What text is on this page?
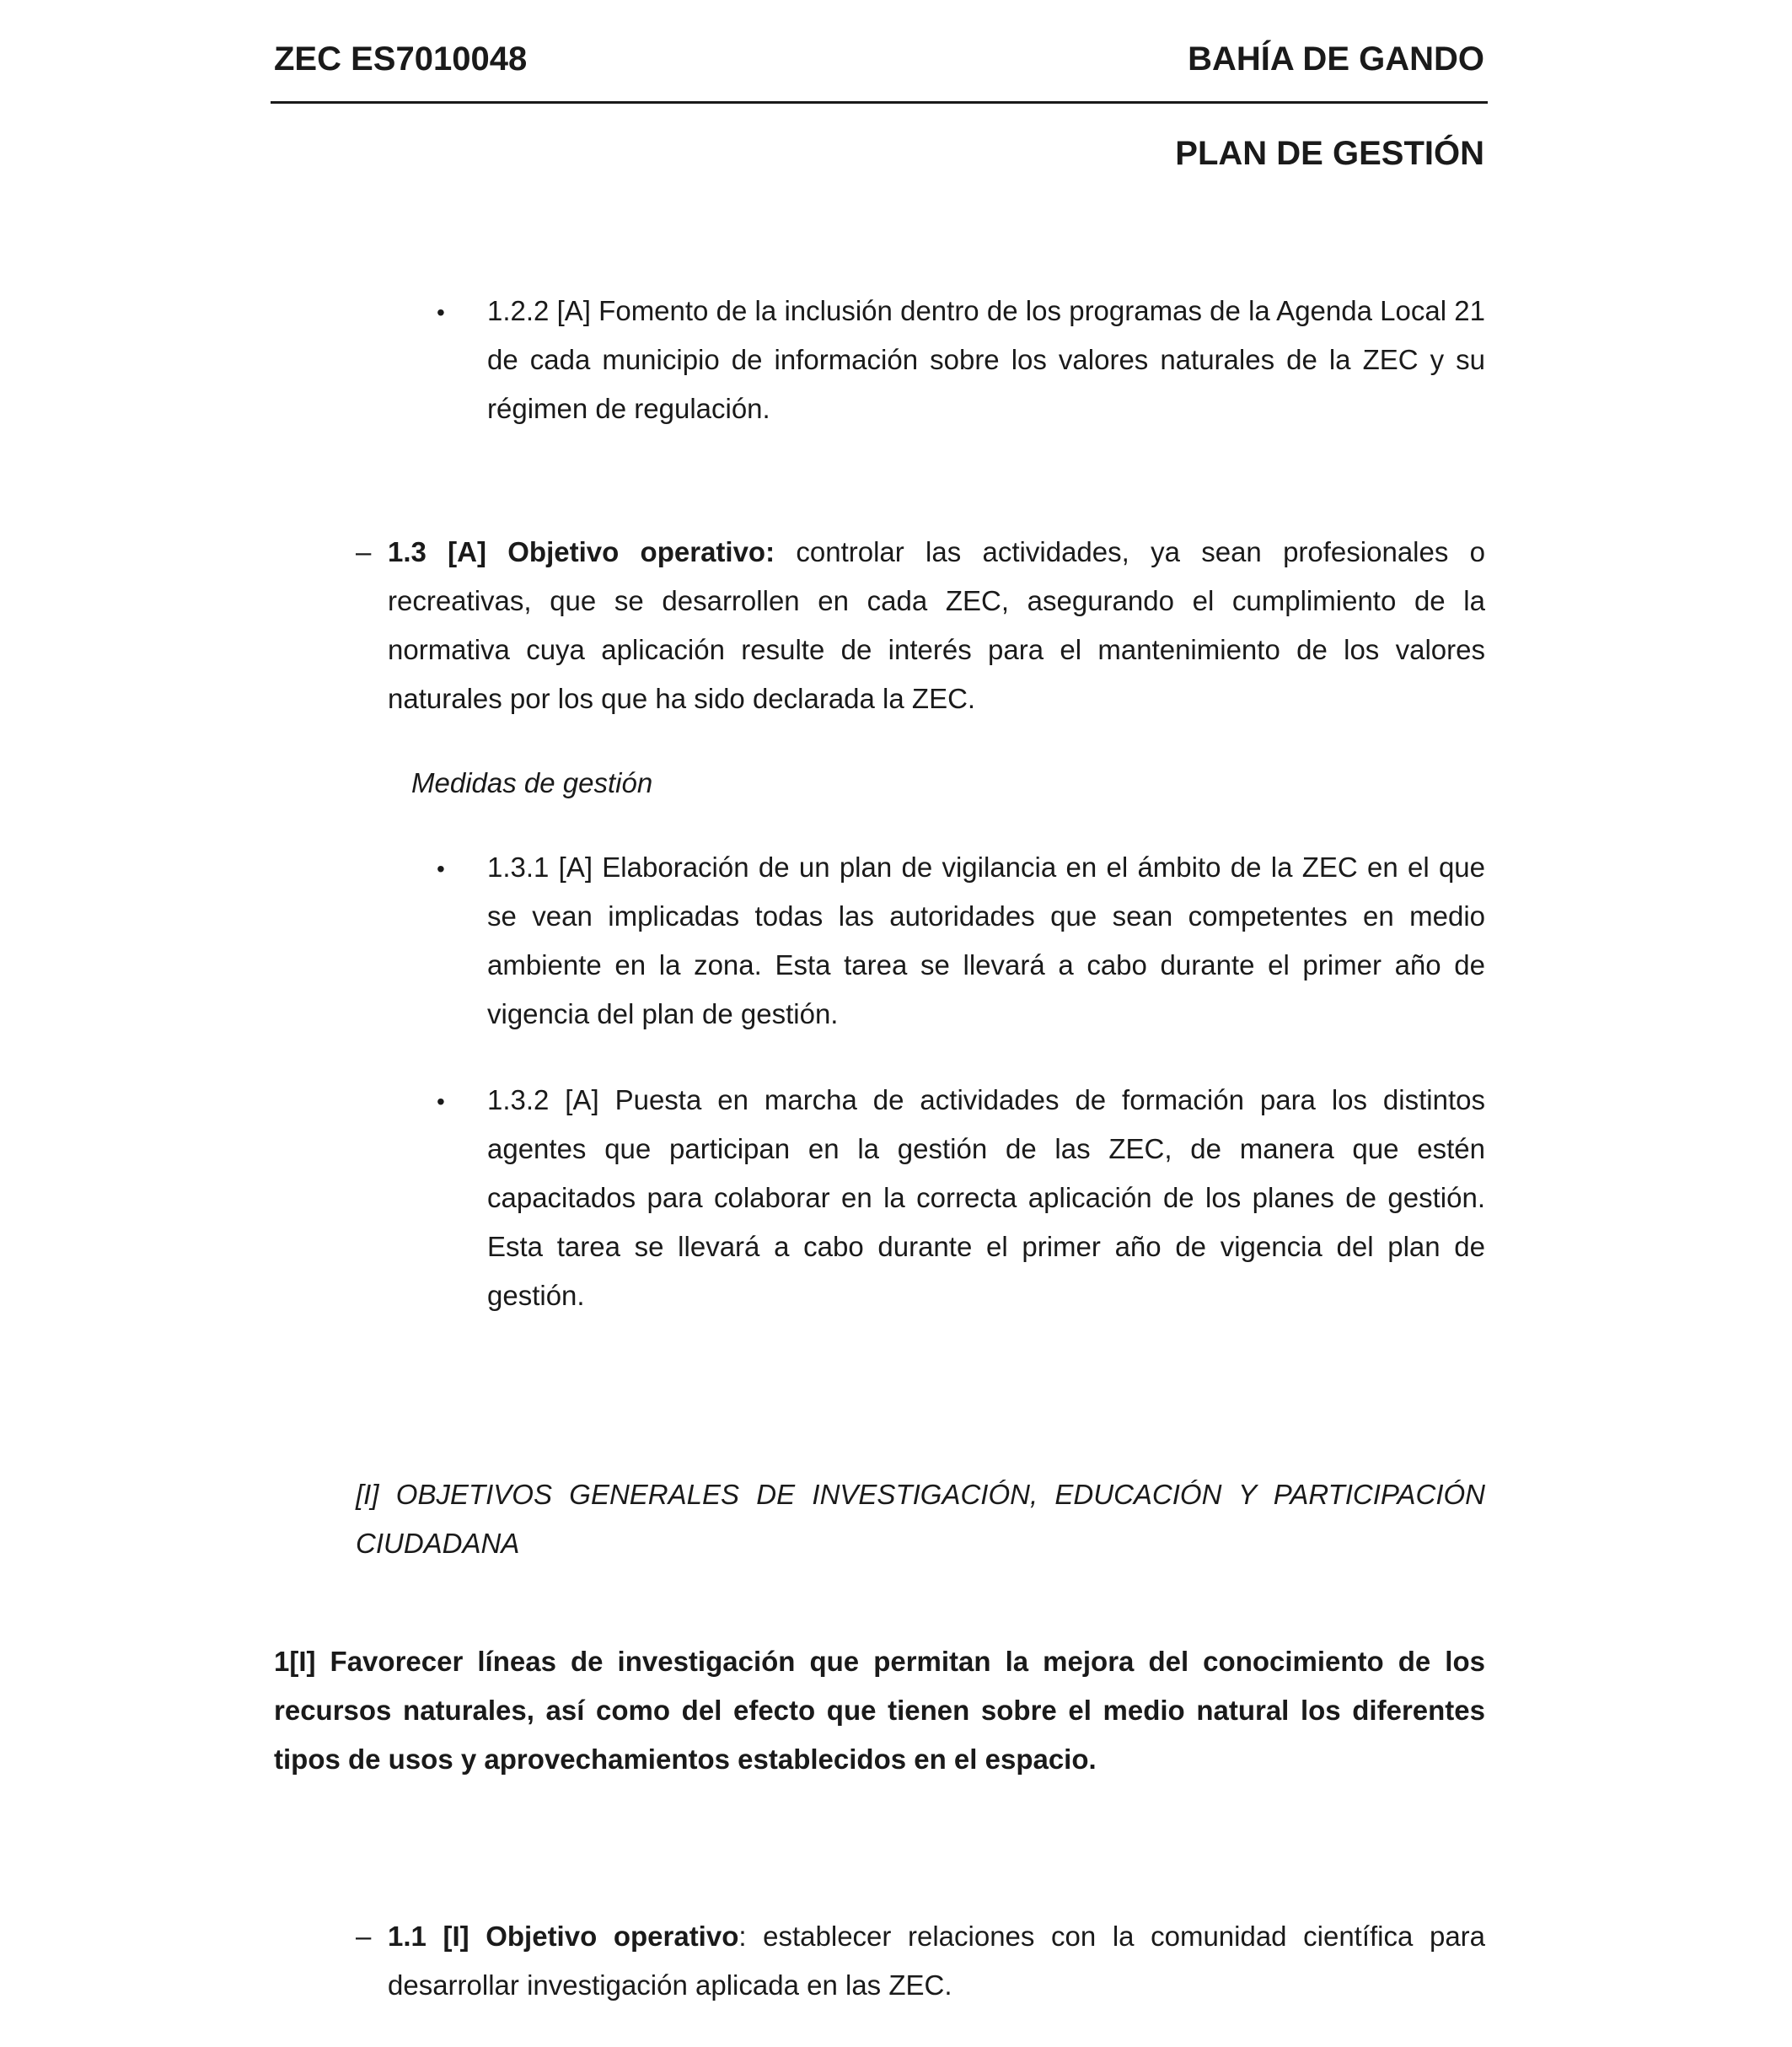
ZEC ES7010048	BAHÍA DE GANDO
PLAN DE GESTIÓN
• 1.2.2 [A] Fomento de la inclusión dentro de los programas de la Agenda Local 21 de cada municipio de información sobre los valores naturales de la ZEC y su régimen de regulación.
– 1.3 [A] Objetivo operativo: controlar las actividades, ya sean profesionales o recreativas, que se desarrollen en cada ZEC, asegurando el cumplimiento de la normativa cuya aplicación resulte de interés para el mantenimiento de los valores naturales por los que ha sido declarada la ZEC.
Medidas de gestión
• 1.3.1 [A] Elaboración de un plan de vigilancia en el ámbito de la ZEC en el que se vean implicadas todas las autoridades que sean competentes en medio ambiente en la zona. Esta tarea se llevará a cabo durante el primer año de vigencia del plan de gestión.
• 1.3.2 [A] Puesta en marcha de actividades de formación para los distintos agentes que participan en la gestión de las ZEC, de manera que estén capacitados para colaborar en la correcta aplicación de los planes de gestión. Esta tarea se llevará a cabo durante el primer año de vigencia del plan de gestión.
[I] OBJETIVOS GENERALES DE INVESTIGACIÓN, EDUCACIÓN Y PARTICIPACIÓN CIUDADANA
1[I] Favorecer líneas de investigación que permitan la mejora del conocimiento de los recursos naturales, así como del efecto que tienen sobre el medio natural los diferentes tipos de usos y aprovechamientos establecidos en el espacio.
– 1.1 [I] Objetivo operativo: establecer relaciones con la comunidad científica para desarrollar investigación aplicada en las ZEC.
